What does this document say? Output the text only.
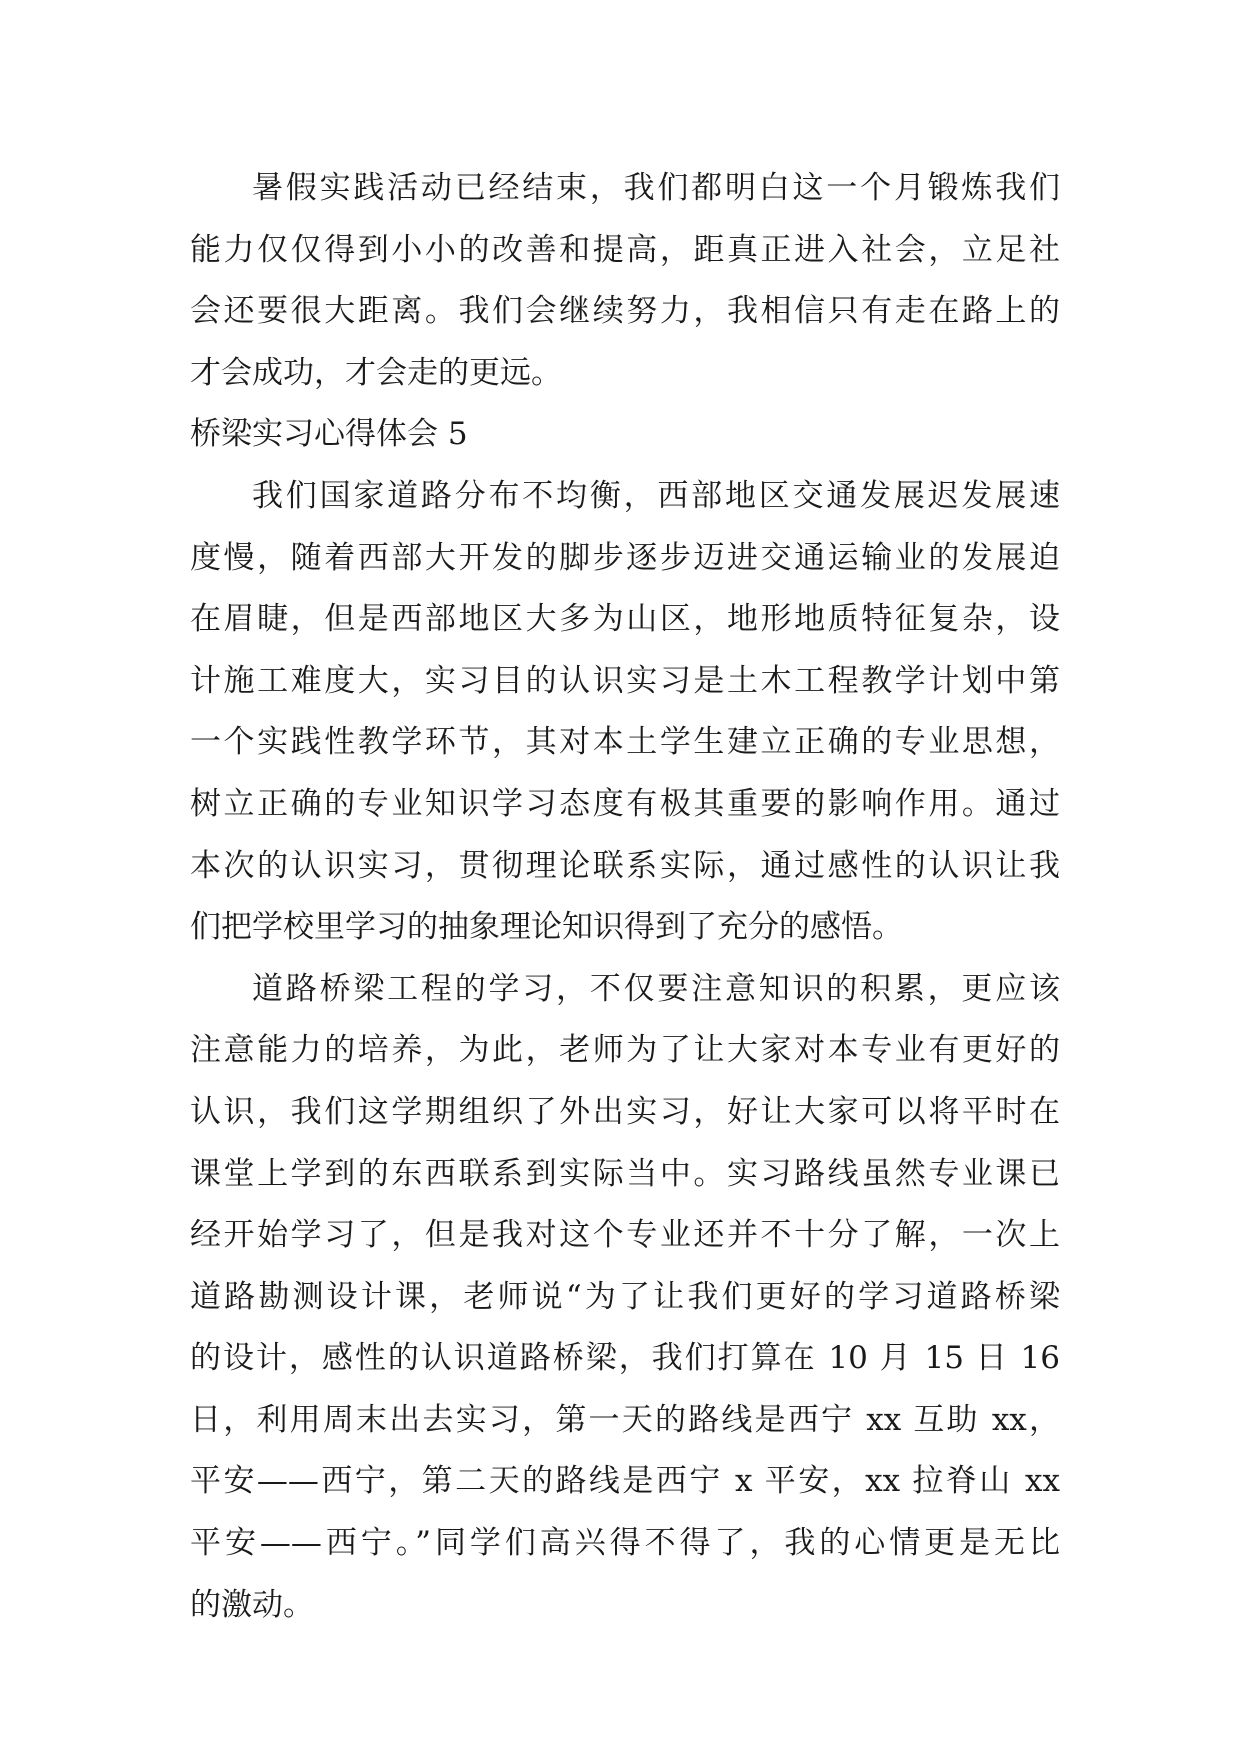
暑假实践活动已经结束，我们都明白这一个月锻炼我们
能力仅仅得到小小的改善和提高，距真正进入社会，立足社
会还要很大距离。我们会继续努力，我相信只有走在路上的
才会成功，才会走的更远。
桥梁实习心得体会 5
我们国家道路分布不均衡，西部地区交通发展迟发展速
度慢，随着西部大开发的脚步逐步迈进交通运输业的发展迫
在眉睫，但是西部地区大多为山区，地形地质特征复杂，设
计施工难度大，实习目的认识实习是土木工程教学计划中第
一个实践性教学环节，其对本土学生建立正确的专业思想，
树立正确的专业知识学习态度有极其重要的影响作用。通过
本次的认识实习，贯彻理论联系实际，通过感性的认识让我
们把学校里学习的抽象理论知识得到了充分的感悟。
道路桥梁工程的学习，不仅要注意知识的积累，更应该
注意能力的培养，为此，老师为了让大家对本专业有更好的
认识，我们这学期组织了外出实习，好让大家可以将平时在
课堂上学到的东西联系到实际当中。实习路线虽然专业课已
经开始学习了，但是我对这个专业还并不十分了解，一次上
道路勘测设计课，老师说“为了让我们更好的学习道路桥梁
的设计，感性的认识道路桥梁，我们打算在 10 月 15 日 16
日，利用周末出去实习，第一天的路线是西宁 xx 互助 xx，
平安——西宁，第二天的路线是西宁 x 平安，xx 拉脊山 xx
平安——西宁。”同学们高兴得不得了，我的心情更是无比
的激动。
